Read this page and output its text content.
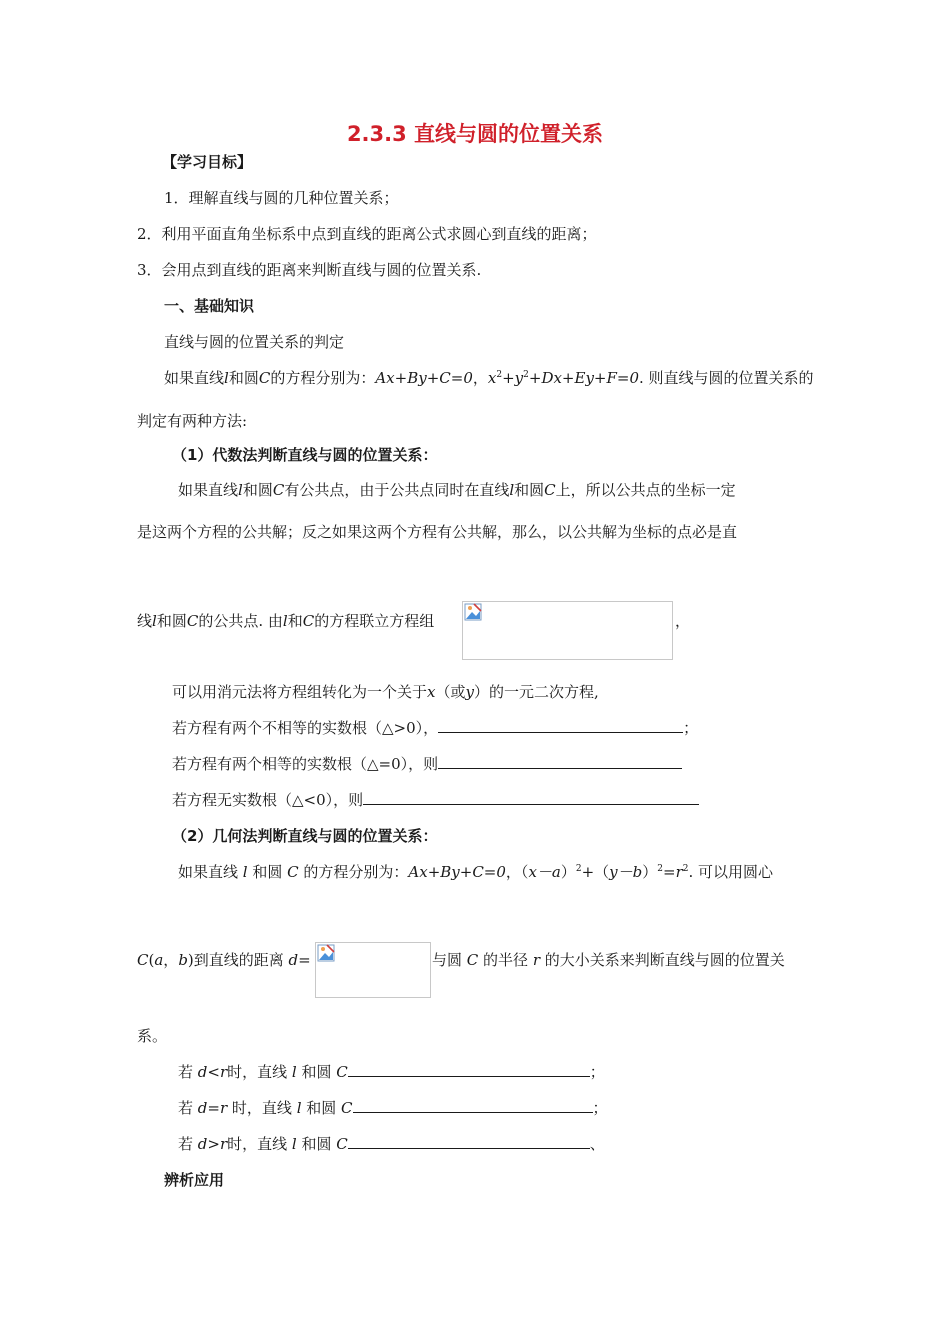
2.3.3 直线与圆的位置关系
【学习目标】
1．理解直线与圆的几种位置关系；
2．利用平面直角坐标系中点到直线的距离公式求圆心到直线的距离；
3．会用点到直线的距离来判断直线与圆的位置关系.
一、基础知识
直线与圆的位置关系的判定
如果直线l和圆C的方程分别为：Ax+By+C=0，$x^2+y^2+Dx+Ey+F=0$. 则直线与圆的位置关系的
判定有两种方法:
（1）代数法判断直线与圆的位置关系：
如果直线l和圆C有公共点，由于公共点同时在直线l和圆C上，所以公共点的坐标一定
是这两个方程的公共解；反之如果这两个方程有公共解，那么，以公共解为坐标的点必是直
线l和圆C的公共点. 由l和C的方程联立方程组	，
可以用消元法将方程组转化为一个关于x（或y）的一元二次方程,
若方程有两个不相等的实数根（△>0），	；
若方程有两个相等的实数根（△=0），则
若方程无实数根（△<0），则
（2）几何法判断直线与圆的位置关系：
如果直线 l 和圆 C 的方程分别为：Ax+By+C=0，$(x-a)^2+(y-b)^2=r^2$. 可以用圆心
C(a，b)到直线的距离 d=	与圆 C 的半径 r 的大小关系来判断直线与圆的位置关
系。
若 d<r时，直线 l 和圆 C	；
若 d=r 时，直线 l 和圆 C	；
若 d>r时，直线 l 和圆 C	、
辨析应用
